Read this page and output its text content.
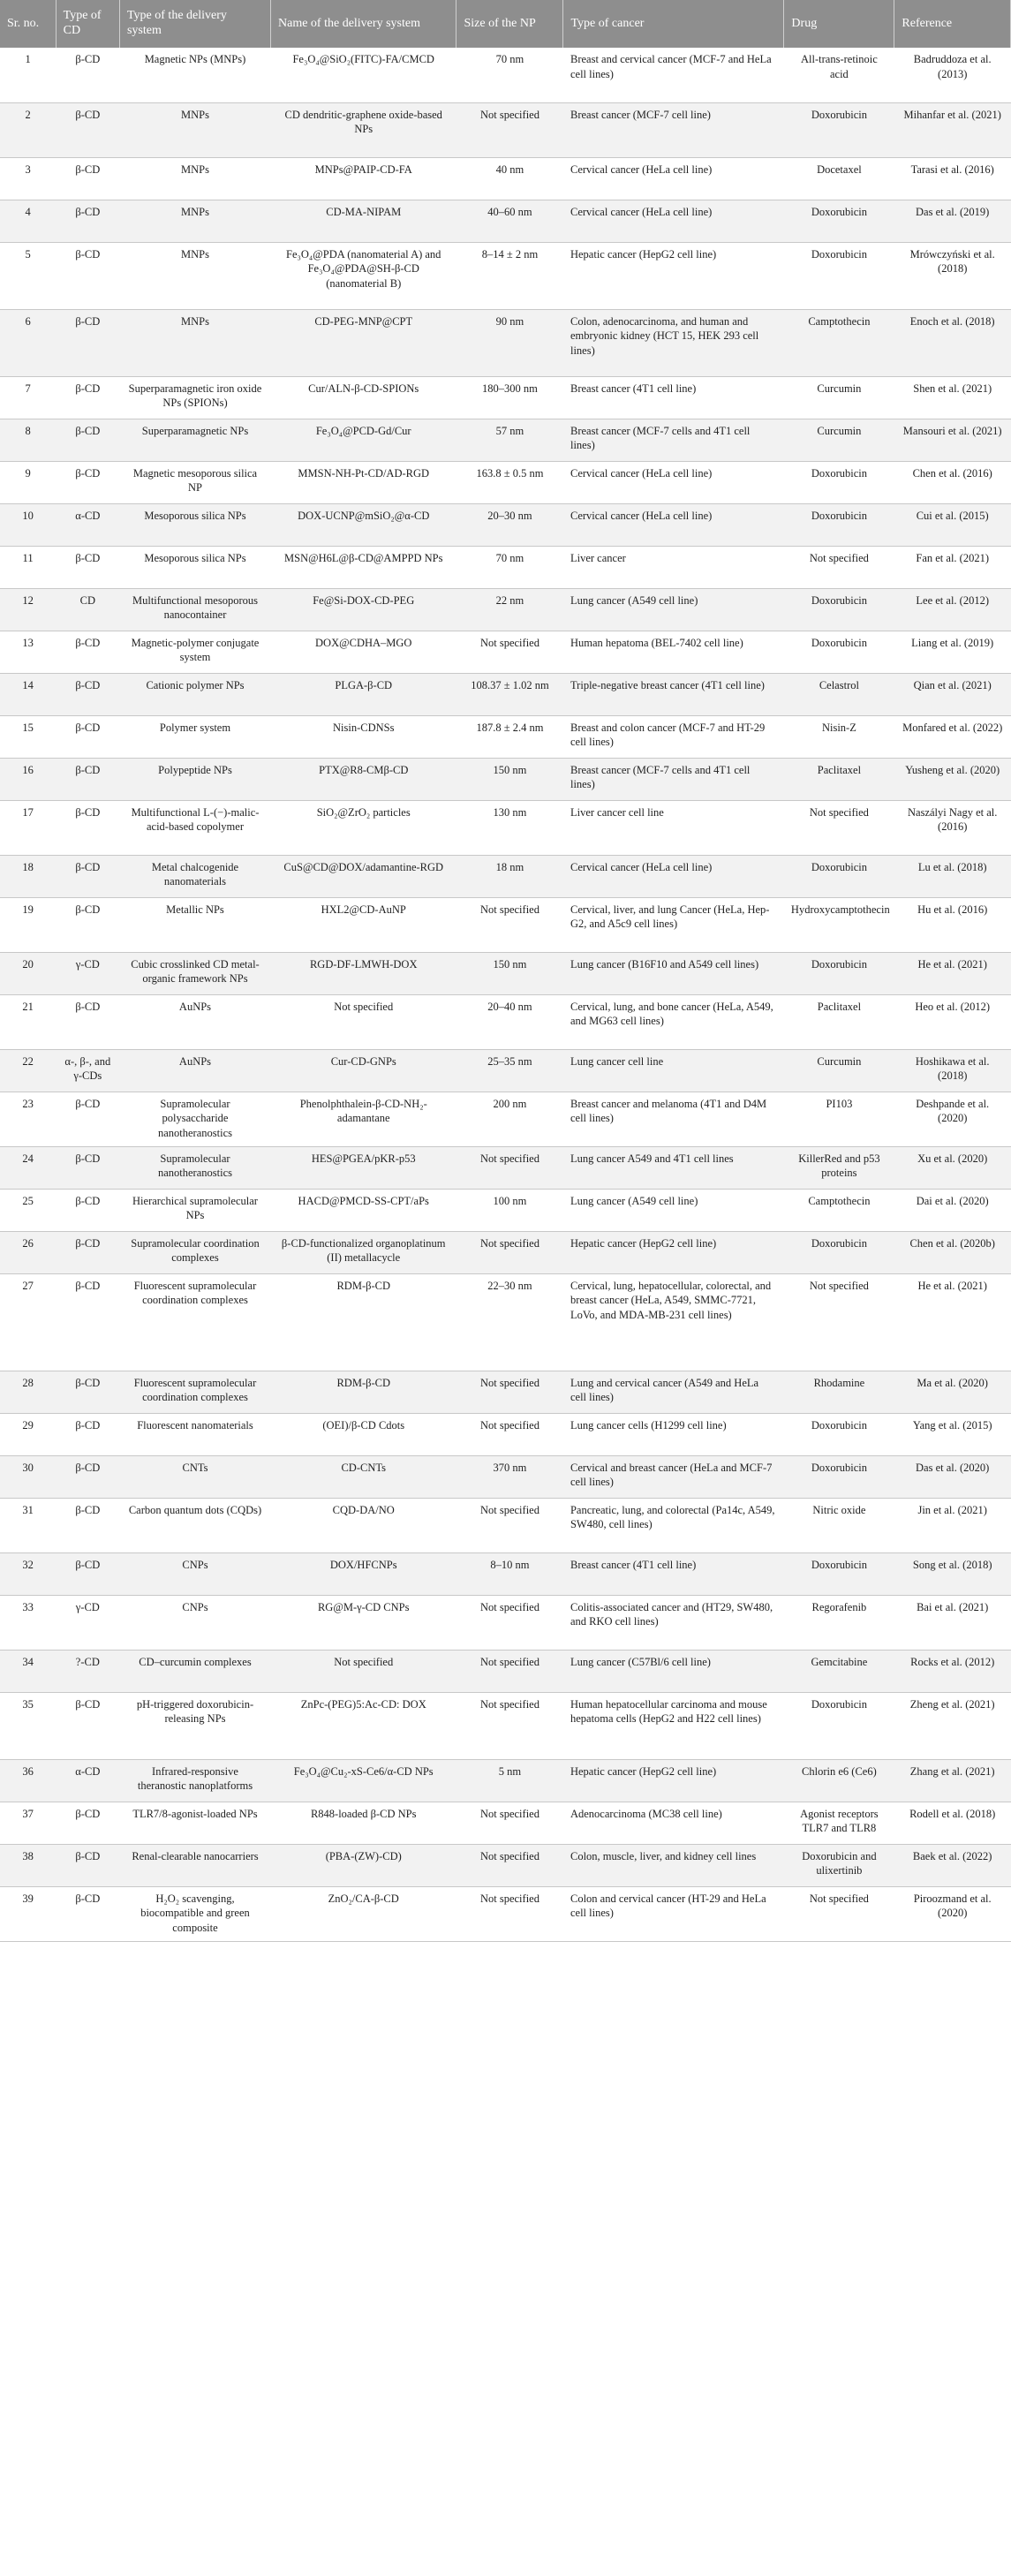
Sr. no.	Type of CD	Type of the delivery system	Name of the delivery system	Size of the NP	Type of cancer	Drug	Reference
1	β-CD	Magnetic NPs (MNPs)	Fe₃O₄@SiO₂(FITC)-FA/CMCD	70 nm	Breast and cervical cancer (MCF-7 and HeLa cell lines)	All-trans-retinoic acid	Badruddoza et al. (2013)
2	β-CD	MNPs	CD dendritic-graphene oxide-based NPs	Not specified	Breast cancer (MCF-7 cell line)	Doxorubicin	Mihanfar et al. (2021)
3	β-CD	MNPs	MNPs@PAIP-CD-FA	40 nm	Cervical cancer (HeLa cell line)	Docetaxel	Tarasi et al. (2016)
4	β-CD	MNPs	CD-MA-NIPAM	40–60 nm	Cervical cancer (HeLa cell line)	Doxorubicin	Das et al. (2019)
5	β-CD	MNPs	Fe₃O₄@PDA (nanomaterial A) and Fe₃O₄@PDA@SH-β-CD (nanomaterial B)	8–14 ± 2 nm	Hepatic cancer (HepG2 cell line)	Doxorubicin	Mrówczyński et al. (2018)
6	β-CD	MNPs	CD-PEG-MNP@CPT	90 nm	Colon, adenocarcinoma, and human and embryonic kidney (HCT 15, HEK 293 cell lines)	Camptothecin	Enoch et al. (2018)
7	β-CD	Superparamagnetic iron oxide NPs (SPIONs)	Cur/ALN-β-CD-SPIONs	180–300 nm	Breast cancer (4T1 cell line)	Curcumin	Shen et al. (2021)
8	β-CD	Superparamagnetic NPs	Fe₃O₄@PCD-Gd/Cur	57 nm	Breast cancer (MCF-7 cells and 4T1 cell lines)	Curcumin	Mansouri et al. (2021)
9	β-CD	Magnetic mesoporous silica NP	MMSN-NH-Pt-CD/AD-RGD	163.8 ± 0.5 nm	Cervical cancer (HeLa cell line)	Doxorubicin	Chen et al. (2016)
10	α-CD	Mesoporous silica NPs	DOX-UCNP@mSiO₂@α-CD	20–30 nm	Cervical cancer (HeLa cell line)	Doxorubicin	Cui et al. (2015)
11	β-CD	Mesoporous silica NPs	MSN@H6L@β-CD@AMPPD NPs	70 nm	Liver cancer	Not specified	Fan et al. (2021)
12	CD	Multifunctional mesoporous nanocontainer	Fe@Si-DOX-CD-PEG	22 nm	Lung cancer (A549 cell line)	Doxorubicin	Lee et al. (2012)
13	β-CD	Magnetic-polymer conjugate system	DOX@CDHA–MGO	Not specified	Human hepatoma (BEL-7402 cell line)	Doxorubicin	Liang et al. (2019)
14	β-CD	Cationic polymer NPs	PLGA-β-CD	108.37 ± 1.02 nm	Triple-negative breast cancer (4T1 cell line)	Celastrol	Qian et al. (2021)
15	β-CD	Polymer system	Nisin-CDNSs	187.8 ± 2.4 nm	Breast and colon cancer (MCF-7 and HT-29 cell lines)	Nisin-Z	Monfared et al. (2022)
16	β-CD	Polypeptide NPs	PTX@R8-CMβ-CD	150 nm	Breast cancer (MCF-7 cells and 4T1 cell lines)	Paclitaxel	Yusheng et al. (2020)
17	β-CD	Multifunctional L-(−)-malic-acid-based copolymer	SiO₂@ZrO₂ particles	130 nm	Liver cancer cell line	Not specified	Naszályi Nagy et al. (2016)
18	β-CD	Metal chalcogenide nanomaterials	CuS@CD@DOX/adamantine-RGD	18 nm	Cervical cancer (HeLa cell line)	Doxorubicin	Lu et al. (2018)
19	β-CD	Metallic NPs	HXL2@CD-AuNP	Not specified	Cervical, liver, and lung Cancer (HeLa, Hep-G2, and A5c9 cell lines)	Hydroxycamptothecin	Hu et al. (2016)
20	γ-CD	Cubic crosslinked CD metal-organic framework NPs	RGD-DF-LMWH-DOX	150 nm	Lung cancer (B16F10 and A549 cell lines)	Doxorubicin	He et al. (2021)
21	β-CD	AuNPs	Not specified	20–40 nm	Cervical, lung, and bone cancer (HeLa, A549, and MG63 cell lines)	Paclitaxel	Heo et al. (2012)
22	α-, β-, and γ-CDs	AuNPs	Cur-CD-GNPs	25–35 nm	Lung cancer cell line	Curcumin	Hoshikawa et al. (2018)
23	β-CD	Supramolecular polysaccharide nanotheranostics	Phenolphthalein-β-CD-NH₂-adamantane	200 nm	Breast cancer and melanoma (4T1 and D4M cell lines)	PI103	Deshpande et al. (2020)
24	β-CD	Supramolecular nanotheranostics	HES@PGEA/pKR-p53	Not specified	Lung cancer A549 and 4T1 cell lines	KillerRed and p53 proteins	Xu et al. (2020)
25	β-CD	Hierarchical supramolecular NPs	HACD@PMCD-SS-CPT/aPs	100 nm	Lung cancer (A549 cell line)	Camptothecin	Dai et al. (2020)
26	β-CD	Supramolecular coordination complexes	β-CD-functionalized organoplatinum (II) metallacycle	Not specified	Hepatic cancer (HepG2 cell line)	Doxorubicin	Chen et al. (2020b)
27	β-CD	Fluorescent supramolecular coordination complexes	RDM-β-CD	22–30 nm	Cervical, lung, hepatocellular, colorectal, and breast cancer (HeLa, A549, SMMC-7721, LoVo, and MDA-MB-231 cell lines)	Not specified	He et al. (2021)
28	β-CD	Fluorescent supramolecular coordination complexes	RDM-β-CD	Not specified	Lung and cervical cancer (A549 and HeLa cell lines)	Rhodamine	Ma et al. (2020)
29	β-CD	Fluorescent nanomaterials	(OEI)/β-CD Cdots	Not specified	Lung cancer cells (H1299 cell line)	Doxorubicin	Yang et al. (2015)
30	β-CD	CNTs	CD-CNTs	370 nm	Cervical and breast cancer (HeLa and MCF-7 cell lines)	Doxorubicin	Das et al. (2020)
31	β-CD	Carbon quantum dots (CQDs)	CQD-DA/NO	Not specified	Pancreatic, lung, and colorectal (Pa14c, A549, SW480, cell lines)	Nitric oxide	Jin et al. (2021)
32	β-CD	CNPs	DOX/HFCNPs	8–10 nm	Breast cancer (4T1 cell line)	Doxorubicin	Song et al. (2018)
33	γ-CD	CNPs	RG@M-γ-CD CNPs	Not specified	Colitis-associated cancer and (HT29, SW480, and RKO cell lines)	Regorafenib	Bai et al. (2021)
34	?-CD	CD–curcumin complexes	Not specified	Not specified	Lung cancer (C57Bl/6 cell line)	Gemcitabine	Rocks et al. (2012)
35	β-CD	pH-triggered doxorubicin-releasing NPs	ZnPc-(PEG)5:Ac-CD: DOX	Not specified	Human hepatocellular carcinoma and mouse hepatoma cells (HepG2 and H22 cell lines)	Doxorubicin	Zheng et al. (2021)
36	α-CD	Infrared-responsive theranostic nanoplatforms	Fe₃O₄@Cu₂-xS-Ce6/α-CD NPs	5 nm	Hepatic cancer (HepG2 cell line)	Chlorin e6 (Ce6)	Zhang et al. (2021)
37	β-CD	TLR7/8-agonist-loaded NPs	R848-loaded β-CD NPs	Not specified	Adenocarcinoma (MC38 cell line)	Agonist receptors TLR7 and TLR8	Rodell et al. (2018)
38	β-CD	Renal-clearable nanocarriers	(PBA-(ZW)-CD)	Not specified	Colon, muscle, liver, and kidney cell lines	Doxorubicin and ulixertinib	Baek et al. (2022)
39	β-CD	H₂O₂ scavenging, biocompatible and green composite	ZnO₂/CA-β-CD	Not specified	Colon and cervical cancer (HT-29 and HeLa cell lines)	Not specified	Piroozmand et al. (2020)
